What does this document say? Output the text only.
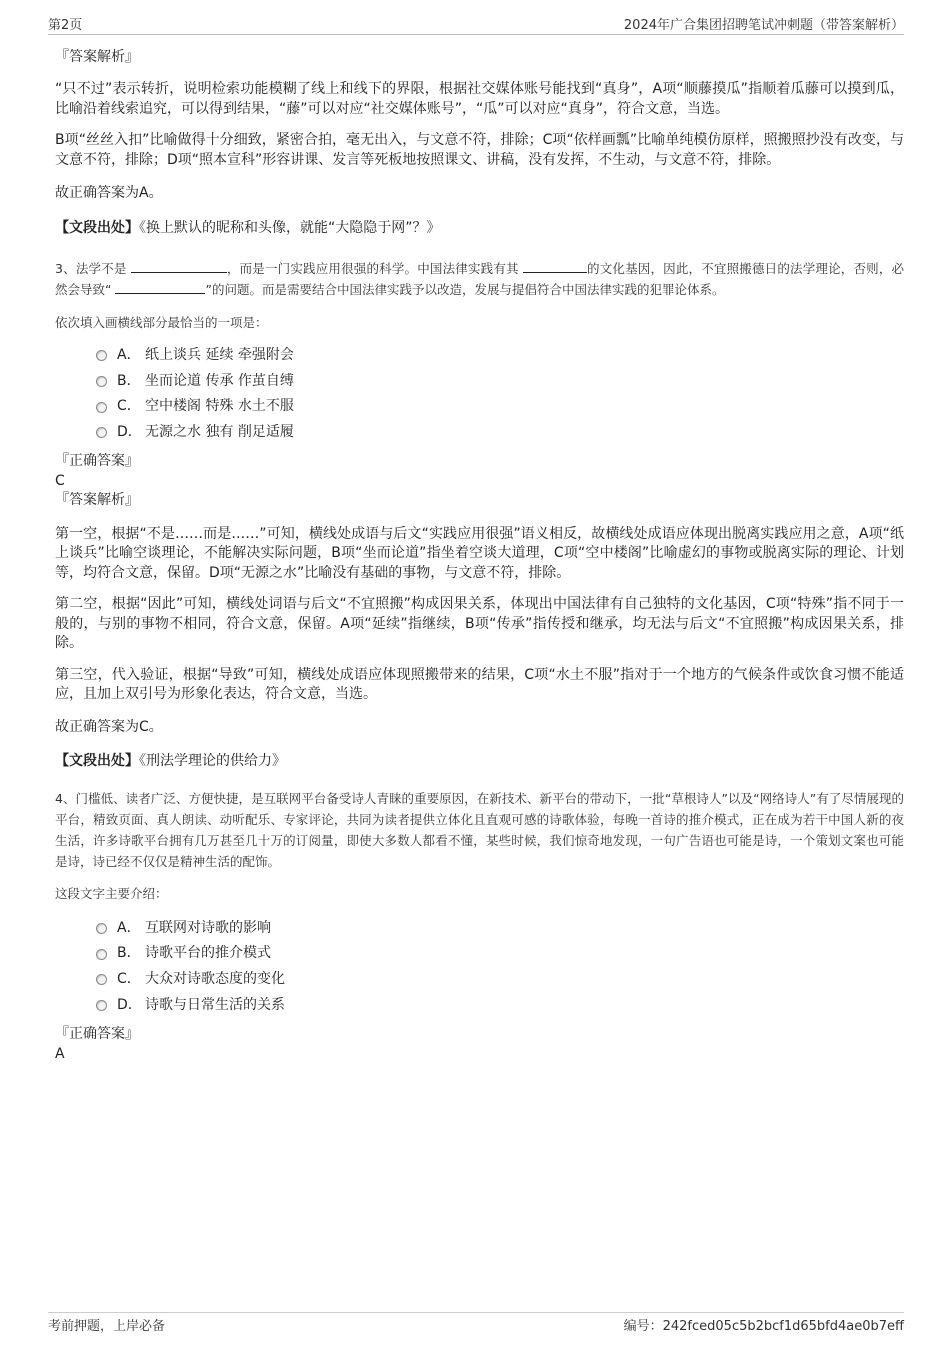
第2页	2024年广合集团招聘笔试冲刺题（带答案解析）

『答案解析』

“只不过”表示转折，说明检索功能模糊了线上和线下的界限，根据社交媒体账号能找到“真身”，A项“顺藤摸瓜”指顺着瓜藤可以摸到瓜，比喻沿着线索追究，可以得到结果，“藤”可以对应“社交媒体账号”，“瓜”可以对应“真身”，符合文意，当选。

B项“丝丝入扣”比喻做得十分细致，紧密合拍，毫无出入，与文意不符，排除；C项“依样画瓢”比喻单纯模仿原样，照搬照抄没有改变，与文意不符，排除；D项“照本宣科”形容讲课、发言等死板地按照课文、讲稿，没有发挥，不生动，与文意不符，排除。

故正确答案为A。

【文段出处】《换上默认的昵称和头像，就能“大隐隐于网”？》

3、法学不是	，而是一门实践应用很强的科学。中国法律实践有其	的文化基因，因此，不宜照搬德日的法学理论，否则，必然会导致“	”的问题。而是需要结合中国法律实践予以改造，发展与提倡符合中国法律实践的犯罪论体系。

依次填入画横线部分最恰当的一项是：

A． 纸上谈兵 延续 牵强附会
B． 坐而论道 传承 作茧自缚
C． 空中楼阁 特殊 水土不服
D． 无源之水 独有 削足适履

『正确答案』

C

『答案解析』

第一空，根据“不是……而是……”可知，横线处成语与后文“实践应用很强”语义相反，故横线处成语应体现出脱离实践应用之意，A项“纸上谈兵”比喻空谈理论，不能解决实际问题，B项“坐而论道”指坐着空谈大道理，C项“空中楼阁”比喻虚幻的事物或脱离实际的理论、计划等，均符合文意，保留。D项“无源之水”比喻没有基础的事物，与文意不符，排除。

第二空，根据“因此”可知，横线处词语与后文“不宜照搬”构成因果关系，体现出中国法律有自己独特的文化基因，C项“特殊”指不同于一般的，与别的事物不相同，符合文意，保留。A项“延续”指继续，B项“传承”指传授和继承，均无法与后文“不宜照搬”构成因果关系，排除。

第三空，代入验证，根据“导致”可知，横线处成语应体现照搬带来的结果，C项“水土不服”指对于一个地方的气候条件或饮食习惯不能适应，且加上双引号为形象化表达，符合文意，当选。

故正确答案为C。

【文段出处】《刑法学理论的供给力》

4、门槛低、读者广泛、方便快捷，是互联网平台备受诗人青睐的重要原因，在新技术、新平台的带动下，一批“草根诗人”以及“网络诗人”有了尽情展现的平台，精致页面、真人朗读、动听配乐、专家评论，共同为读者提供立体化且直观可感的诗歌体验，每晚一首诗的推介模式，正在成为若干中国人新的夜生活，许多诗歌平台拥有几万甚至几十万的订阅量，即使大多数人都看不懂，某些时候，我们惊奇地发现，一句广告语也可能是诗，一个策划文案也可能是诗，诗已经不仅仅是精神生活的配饰。

这段文字主要介绍：

A． 互联网对诗歌的影响
B． 诗歌平台的推介模式
C． 大众对诗歌态度的变化
D． 诗歌与日常生活的关系

『正确答案』

A

考前押题，上岸必备	编号：242fced05c5b2bcf1d65bfd4ae0b7eff
